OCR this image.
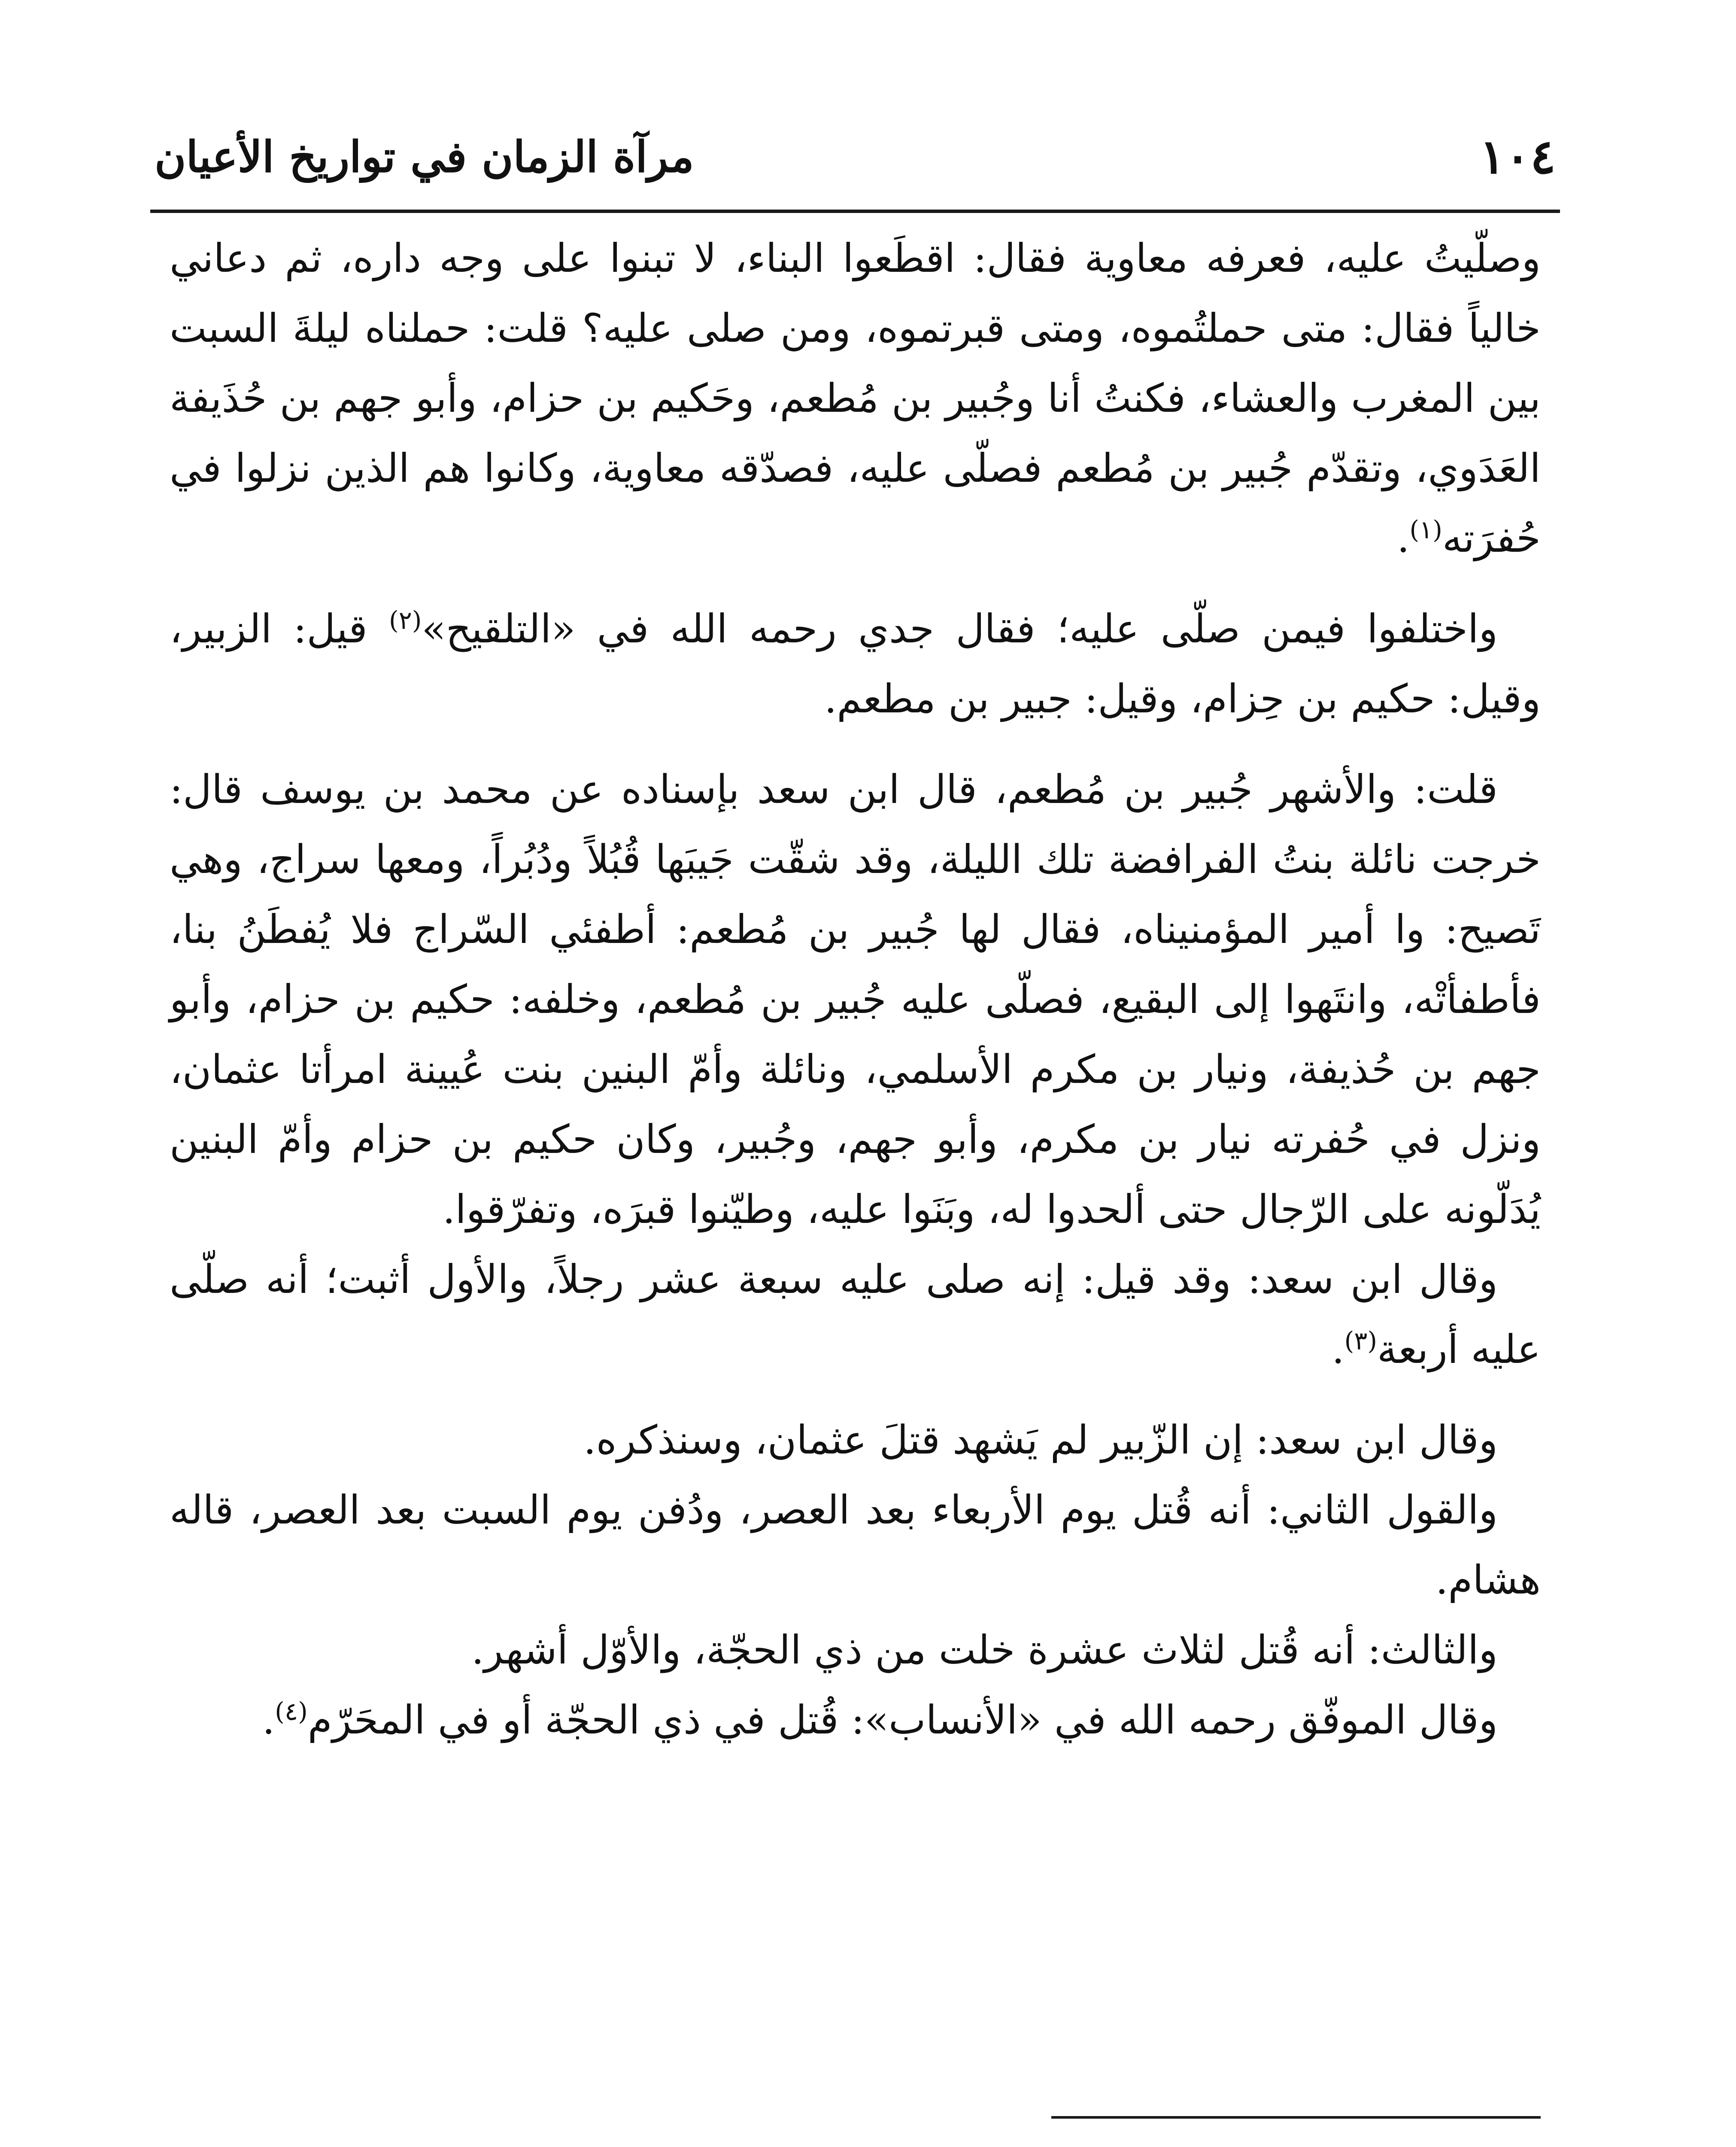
١٠٤
مرآة الزمان في تواريخ الأعيان

وصلّيتُ عليه، فعرفه معاوية فقال: اقطَعوا البناء، لا تبنوا على وجه داره، ثم دعاني خالياً فقال: متى حملتُموه، ومتى قبرتموه، ومن صلى عليه؟ قلت: حملناه ليلةَ السبت بين المغرب والعشاء، فكنتُ أنا وجُبير بن مُطعم، وحَكيم بن حزام، وأبو جهم بن حُذَيفة العَدَوي، وتقدّم جُبير بن مُطعم فصلّى عليه، فصدّقه معاوية، وكانوا هم الذين نزلوا في حُفرَته$^{(١)}$.

واختلفوا فيمن صلّى عليه؛ فقال جدي رحمه الله في «التلقيح»$^{(٢)}$ قيل: الزبير، وقيل: حكيم بن حِزام، وقيل: جبير بن مطعم.

قلت: والأشهر جُبير بن مُطعم، قال ابن سعد بإسناده عن محمد بن يوسف قال: خرجت نائلة بنتُ الفرافضة تلك الليلة، وقد شقّت جَيبَها قُبُلاً ودُبُراً، ومعها سراج، وهي تَصيح: وا أمير المؤمنيناه، فقال لها جُبير بن مُطعم: أطفئي السّراج فلا يُفطَنُ بنا، فأطفأتْه، وانتَهوا إلى البقيع، فصلّى عليه جُبير بن مُطعم، وخلفه: حكيم بن حزام، وأبو جهم بن حُذيفة، ونيار بن مكرم الأسلمي، ونائلة وأمّ البنين بنت عُيينة امرأتا عثمان، ونزل في حُفرته نيار بن مكرم، وأبو جهم، وجُبير، وكان حكيم بن حزام وأمّ البنين يُدَلّونه على الرّجال حتى ألحدوا له، وبَنَوا عليه، وطيّنوا قبرَه، وتفرّقوا.

وقال ابن سعد: وقد قيل: إنه صلى عليه سبعة عشر رجلاً، والأول أثبت؛ أنه صلّى عليه أربعة$^{(٣)}$.

وقال ابن سعد: إن الزّبير لم يَشهد قتلَ عثمان، وسنذكره.

والقول الثاني: أنه قُتل يوم الأربعاء بعد العصر، ودُفن يوم السبت بعد العصر، قاله هشام.

والثالث: أنه قُتل لثلاث عشرة خلت من ذي الحجّة، والأوّل أشهر.

وقال الموفّق رحمه الله في «الأنساب»: قُتل في ذي الحجّة أو في المحَرّم$^{(٤)}$.
